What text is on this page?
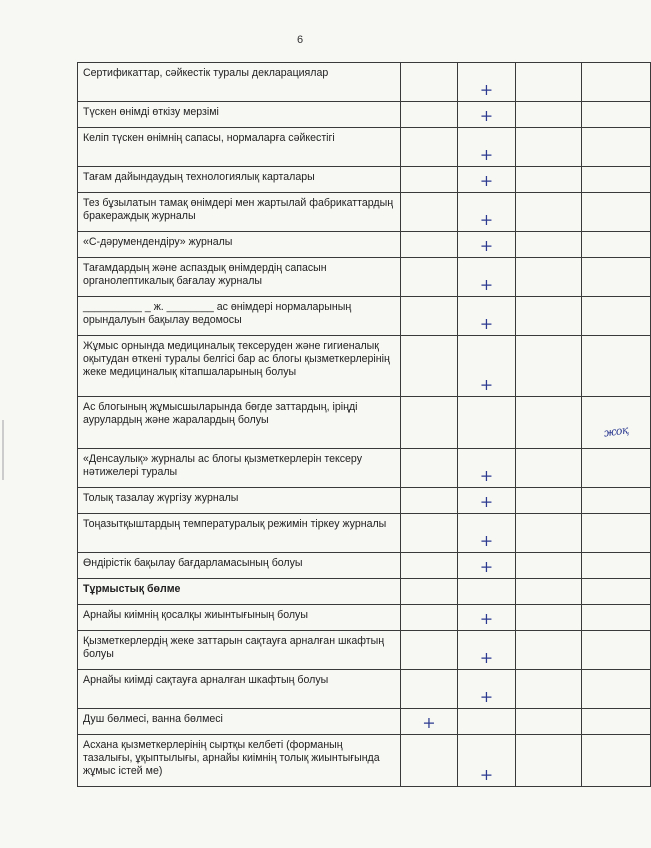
6
Сертификаттар, сәйкестік туралы декларациялар		+		

Түскен өнімді өткізу мерзімі		+		

Келіп түскен өнімнің сапасы, нормаларға сәйкестігі		+		

Тағам дайындаудың технологиялық карталары		+		

Тез бұзылатын тамақ өнімдері мен жартылай фабрикаттардың бракераждық журналы		+		

«С-дәрумендендіру» журналы		+		

Тағамдардың және аспаздық өнімдердің сапасын органолептикалық бағалау журналы		+		

__________ _ ж. ________ ас өнімдері нормаларының орындалуын бақылау ведомосы		+		

Жұмыс орнында медициналық тексеруден және гигиеналық оқытудан өткені туралы белгісі бар ас блогы қызметкерлерінің жеке медициналық кітапшаларының болуы		+		

Ас блогының жұмысшыларында бөгде заттардың, іріңді аурулардың және жаралардың болуы				жоқ

«Денсаулық» журналы ас блогы қызметкерлерін тексеру нәтижелері туралы		+		

Толық тазалау жүргізу журналы		+		

Тоңазытқыштардың температуралық режимін тіркеу журналы		+		

Өндірістік бақылау бағдарламасының болуы		+		

Тұрмыстық бөлме				
Арнайы киімнің қосалқы жиынтығының болуы		+		

Қызметкерлердің жеке заттарын сақтауға арналған шкафтың болуы		+		

Арнайы киімді сақтауға арналған шкафтың болуы		+		

Душ бөлмесі, ванна бөлмесі	+			

Асхана қызметкерлерінің сыртқы келбеті (форманың тазалығы, ұқыптылығы, арнайы киімнің толық жиынтығында жұмыс істей ме)		+		
